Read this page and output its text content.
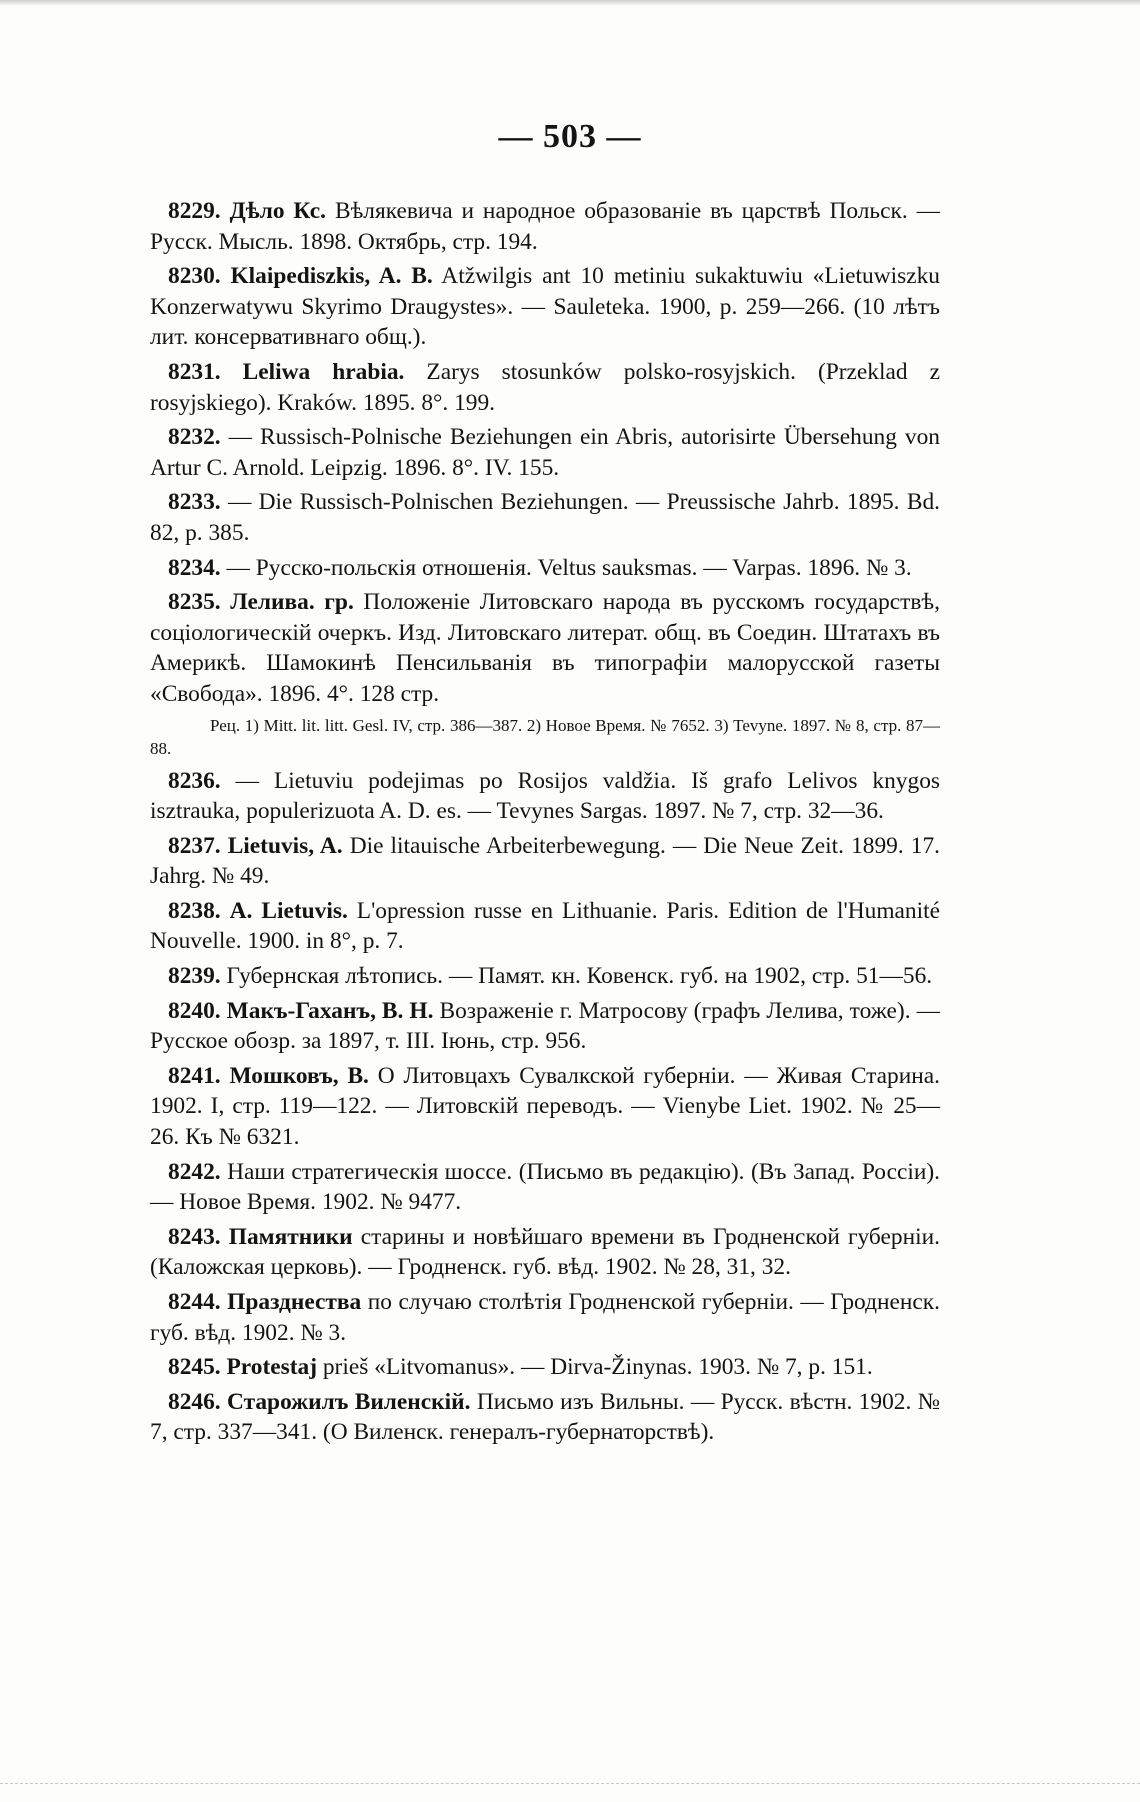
— 503 —

8229. Дѣло Кс. Вѣлякевича и народное образованіе въ царствѣ Польск. — Русск. Мысль. 1898. Октябрь, стр. 194.

8230. Klaipediszkis, A. B. Atžwilgis ant 10 metiniu sukaktuwiu «Lietuwiszku Konzerwatywu Skyrimo Draugystes». — Sauleteka. 1900, p. 259—266. (10 лѣтъ лит. консервативнаго общ.).

8231. Leliwa hrabia. Zarys stosunków polsko-rosyjskich. (Przeklad z rosyjskiego). Kraków. 1895. 8°. 199.

8232. — Russisch-Polnische Beziehungen ein Abris, autorisirte Übersehung von Artur C. Arnold. Leipzig. 1896. 8°. IV. 155.

8233. — Die Russisch-Polnischen Beziehungen. — Preussische Jahrb. 1895. Bd. 82, p. 385.

8234. — Русско-польскія отношенія. Veltus sauksmas. — Varpas. 1896. № 3.

8235. Лелива. гр. Положеніе Литовскаго народа въ русскомъ государствѣ, соціологическій очеркъ. Изд. Литовскаго литерат. общ. въ Соедин. Штатахъ въ Америкѣ. Шамокинѣ Пенсильванія въ типографіи малорусской газеты «Свобода». 1896. 4°. 128 стр.

Рец. 1) Mitt. lit. litt. Gesl. IV, стр. 386—387. 2) Новое Время. № 7652. 3) Tevyne. 1897. № 8, стр. 87—88.

8236. — Lietuviu podejimas po Rosijos valdžia. Iš grafo Lelivos knygos isztrauka, populerizuota A. D. es. — Tevynes Sargas. 1897. № 7, стр. 32—36.

8237. Lietuvis, A. Die litauische Arbeiterbewegung. — Die Neue Zeit. 1899. 17. Jahrg. № 49.

8238. A. Lietuvis. L'opression russe en Lithuanie. Paris. Edition de l'Humanité Nouvelle. 1900. in 8°, p. 7.

8239. Губернская лѣтопись. — Памят. кн. Ковенск. губ. на 1902, стр. 51—56.

8240. Макъ-Гаханъ, В. Н. Возраженіе г. Матросову (графъ Лелива, тоже). — Русское обозр. за 1897, т. III. Іюнь, стр. 956.

8241. Мошковъ, В. О Литовцахъ Сувалкской губерніи. — Живая Старина. 1902. I, стр. 119—122. — Литовскій переводъ. — Vienybe Liet. 1902. № 25—26. Къ № 6321.

8242. Наши стратегическія шоссе. (Письмо въ редакцію). (Въ Запад. Россіи). — Новое Время. 1902. № 9477.

8243. Памятники старины и новѣйшаго времени въ Гродненской губерніи. (Каложская церковь). — Гродненск. губ. вѣд. 1902. № 28, 31, 32.

8244. Празднества по случаю столѣтія Гродненской губерніи. — Гродненск. губ. вѣд. 1902. № 3.

8245. Protestaj prieš «Litvomanus». — Dirva-Žinynas. 1903. № 7, p. 151.

8246. Старожилъ Виленскій. Письмо изъ Вильны. — Русск. вѣстн. 1902. № 7, стр. 337—341. (О Виленск. генералъ-губернаторствѣ).
